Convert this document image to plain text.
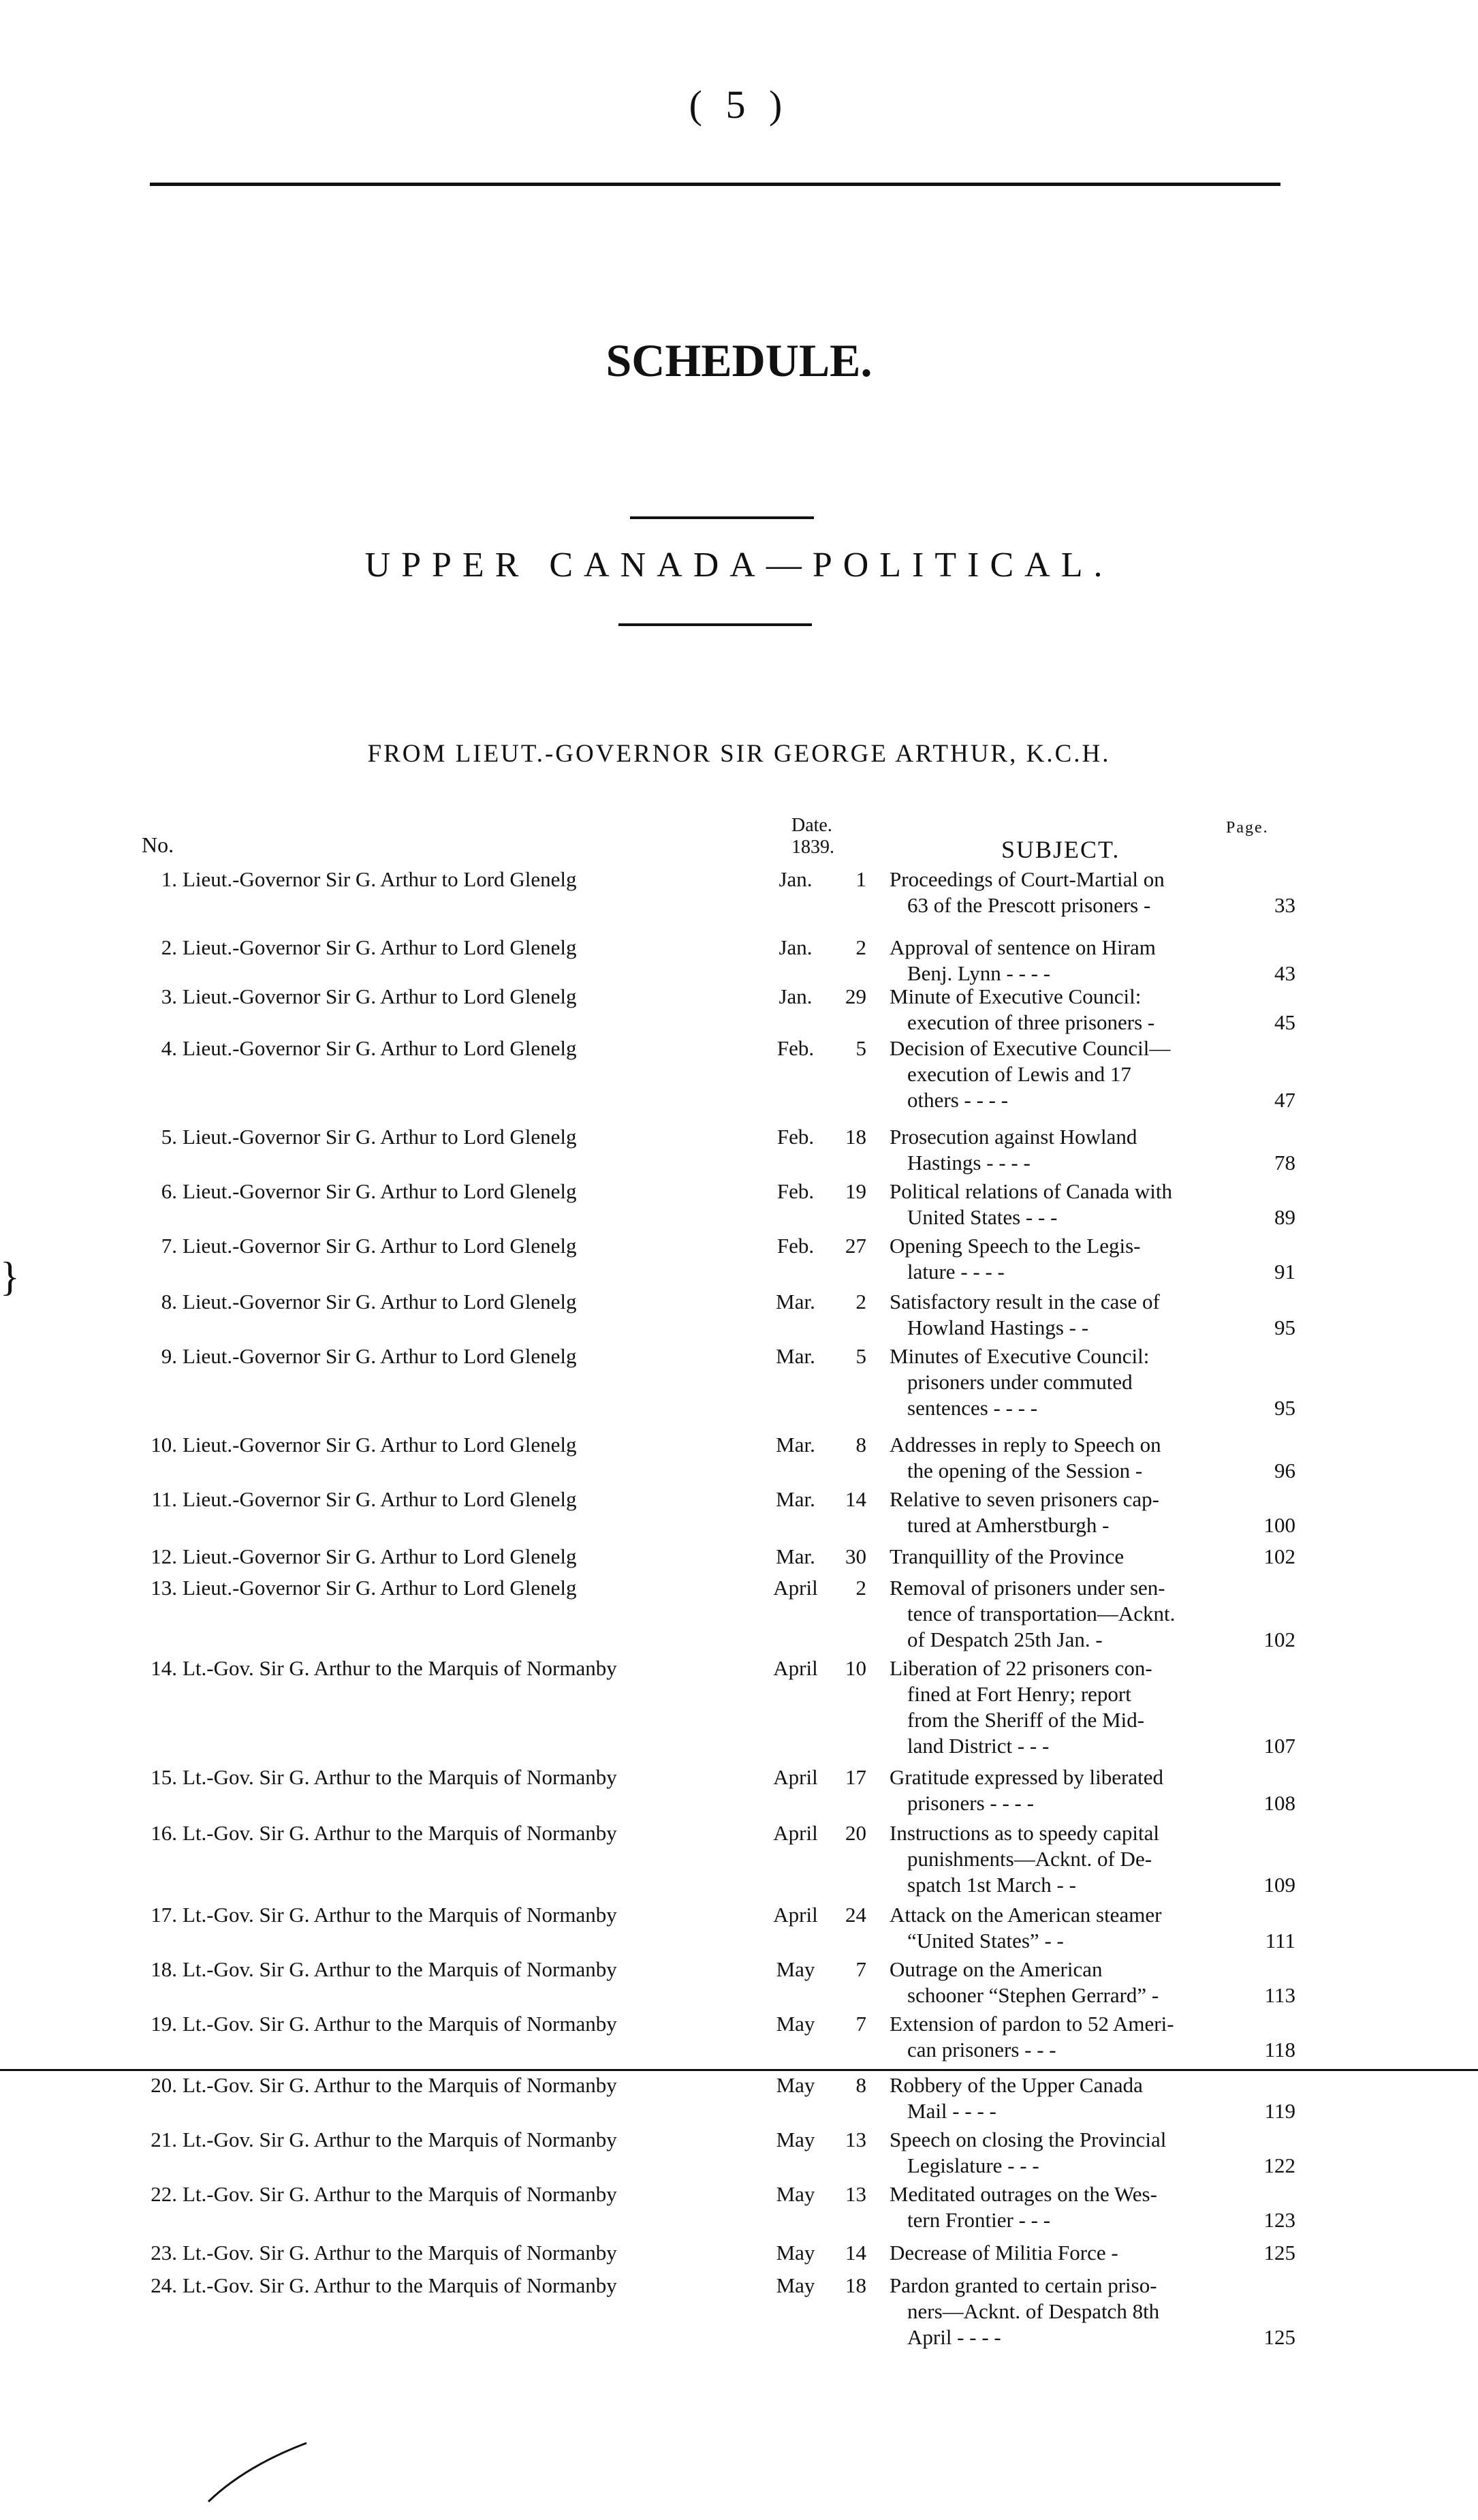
( 5 )
SCHEDULE.
UPPER CANADA—POLITICAL.
FROM LIEUT.-GOVERNOR SIR GEORGE ARTHUR, K.C.H.
No.
Date.
1839.	SUBJECT.
Page.
1. Lieut.-Governor Sir G. Arthur to Lord Glenelg	Jan.	1 Proceedings of Court-Martial on
63 of the Prescott prisoners -	33
2. Lieut.-Governor Sir G. Arthur to Lord Glenelg	Jan.	2 Approval of sentence on Hiram
Benj. Lynn - - - -	43
3. Lieut.-Governor Sir G. Arthur to Lord Glenelg	Jan.	29 Minute of Executive Council:
execution of three prisoners -	45
4. Lieut.-Governor Sir G. Arthur to Lord Glenelg	Feb.	5 Decision of Executive Council—
execution of Lewis and 17
others - - - -	47
5. Lieut.-Governor Sir G. Arthur to Lord Glenelg	Feb.	18 Prosecution against Howland
Hastings - - - -	78
6. Lieut.-Governor Sir G. Arthur to Lord Glenelg	Feb.	19 Political relations of Canada with
United States - - -	89
7. Lieut.-Governor Sir G. Arthur to Lord Glenelg	Feb.	27 Opening Speech to the Legis-
lature - - - -	91
8. Lieut.-Governor Sir G. Arthur to Lord Glenelg	Mar.	2 Satisfactory result in the case of
Howland Hastings - -	95
9. Lieut.-Governor Sir G. Arthur to Lord Glenelg	Mar.	5 Minutes of Executive Council:
prisoners under commuted
sentences - - - -	95
10. Lieut.-Governor Sir G. Arthur to Lord Glenelg	Mar.	8 Addresses in reply to Speech on
the opening of the Session -	96
11. Lieut.-Governor Sir G. Arthur to Lord Glenelg	Mar.	14 Relative to seven prisoners cap-
tured at Amherstburgh -	100
12. Lieut.-Governor Sir G. Arthur to Lord Glenelg	Mar.	30 Tranquillity of the Province	102
13. Lieut.-Governor Sir G. Arthur to Lord Glenelg	April	2 Removal of prisoners under sen-
tence of transportation—Acknt.
of Despatch 25th Jan. -	102
14. Lt.-Gov. Sir G. Arthur to the Marquis of Normanby	April	10 Liberation of 22 prisoners con-
fined at Fort Henry; report
from the Sheriff of the Mid-
land District - - -	107
15. Lt.-Gov. Sir G. Arthur to the Marquis of Normanby	April	17 Gratitude expressed by liberated
prisoners - - - -	108
16. Lt.-Gov. Sir G. Arthur to the Marquis of Normanby	April	20 Instructions as to speedy capital
punishments—Acknt. of De-
spatch 1st March - -	109
17. Lt.-Gov. Sir G. Arthur to the Marquis of Normanby	April	24 Attack on the American steamer
“United States” - -	111
18. Lt.-Gov. Sir G. Arthur to the Marquis of Normanby	May	7 Outrage on the American
schooner “Stephen Gerrard” -	113
19. Lt.-Gov. Sir G. Arthur to the Marquis of Normanby	May	7 Extension of pardon to 52 Ameri-
can prisoners - - -	118
20. Lt.-Gov. Sir G. Arthur to the Marquis of Normanby	May	8 Robbery of the Upper Canada
Mail - - - -	119
21. Lt.-Gov. Sir G. Arthur to the Marquis of Normanby	May	13 Speech on closing the Provincial
Legislature - - -	122
22. Lt.-Gov. Sir G. Arthur to the Marquis of Normanby	May	13 Meditated outrages on the Wes-
tern Frontier - - -	123
23. Lt.-Gov. Sir G. Arthur to the Marquis of Normanby	May	14 Decrease of Militia Force -	125
24. Lt.-Gov. Sir G. Arthur to the Marquis of Normanby	May	18 Pardon granted to certain priso-
ners—Acknt. of Despatch 8th
April - - - -	125
}
